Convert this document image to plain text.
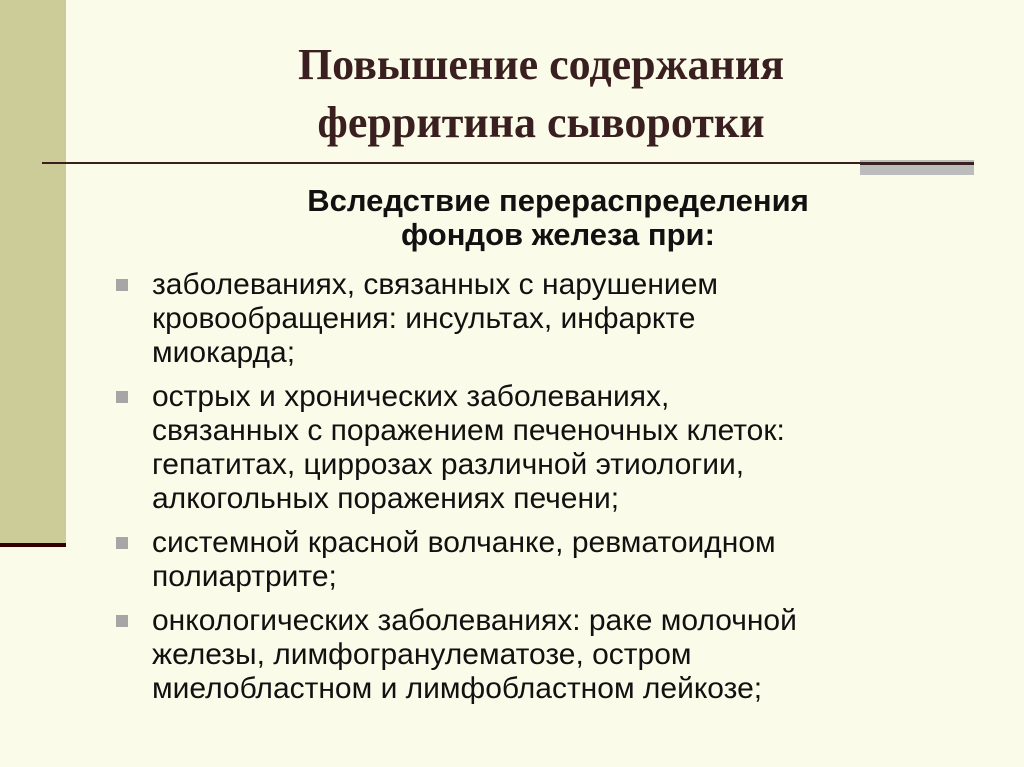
Повышение содержания
ферритина сыворотки
Вследствие перераспределения
фондов железа при:
заболеваниях, связанных с нарушением
кровообращения: инсультах, инфаркте
миокарда;
острых и хронических заболеваниях,
связанных с поражением печеночных клеток:
гепатитах, циррозах различной этиологии,
алкогольных поражениях печени;
системной красной волчанке, ревматоидном
полиартрите;
онкологических заболеваниях: раке молочной
железы, лимфогранулематозе, остром
миелобластном и лимфобластном лейкозе;
